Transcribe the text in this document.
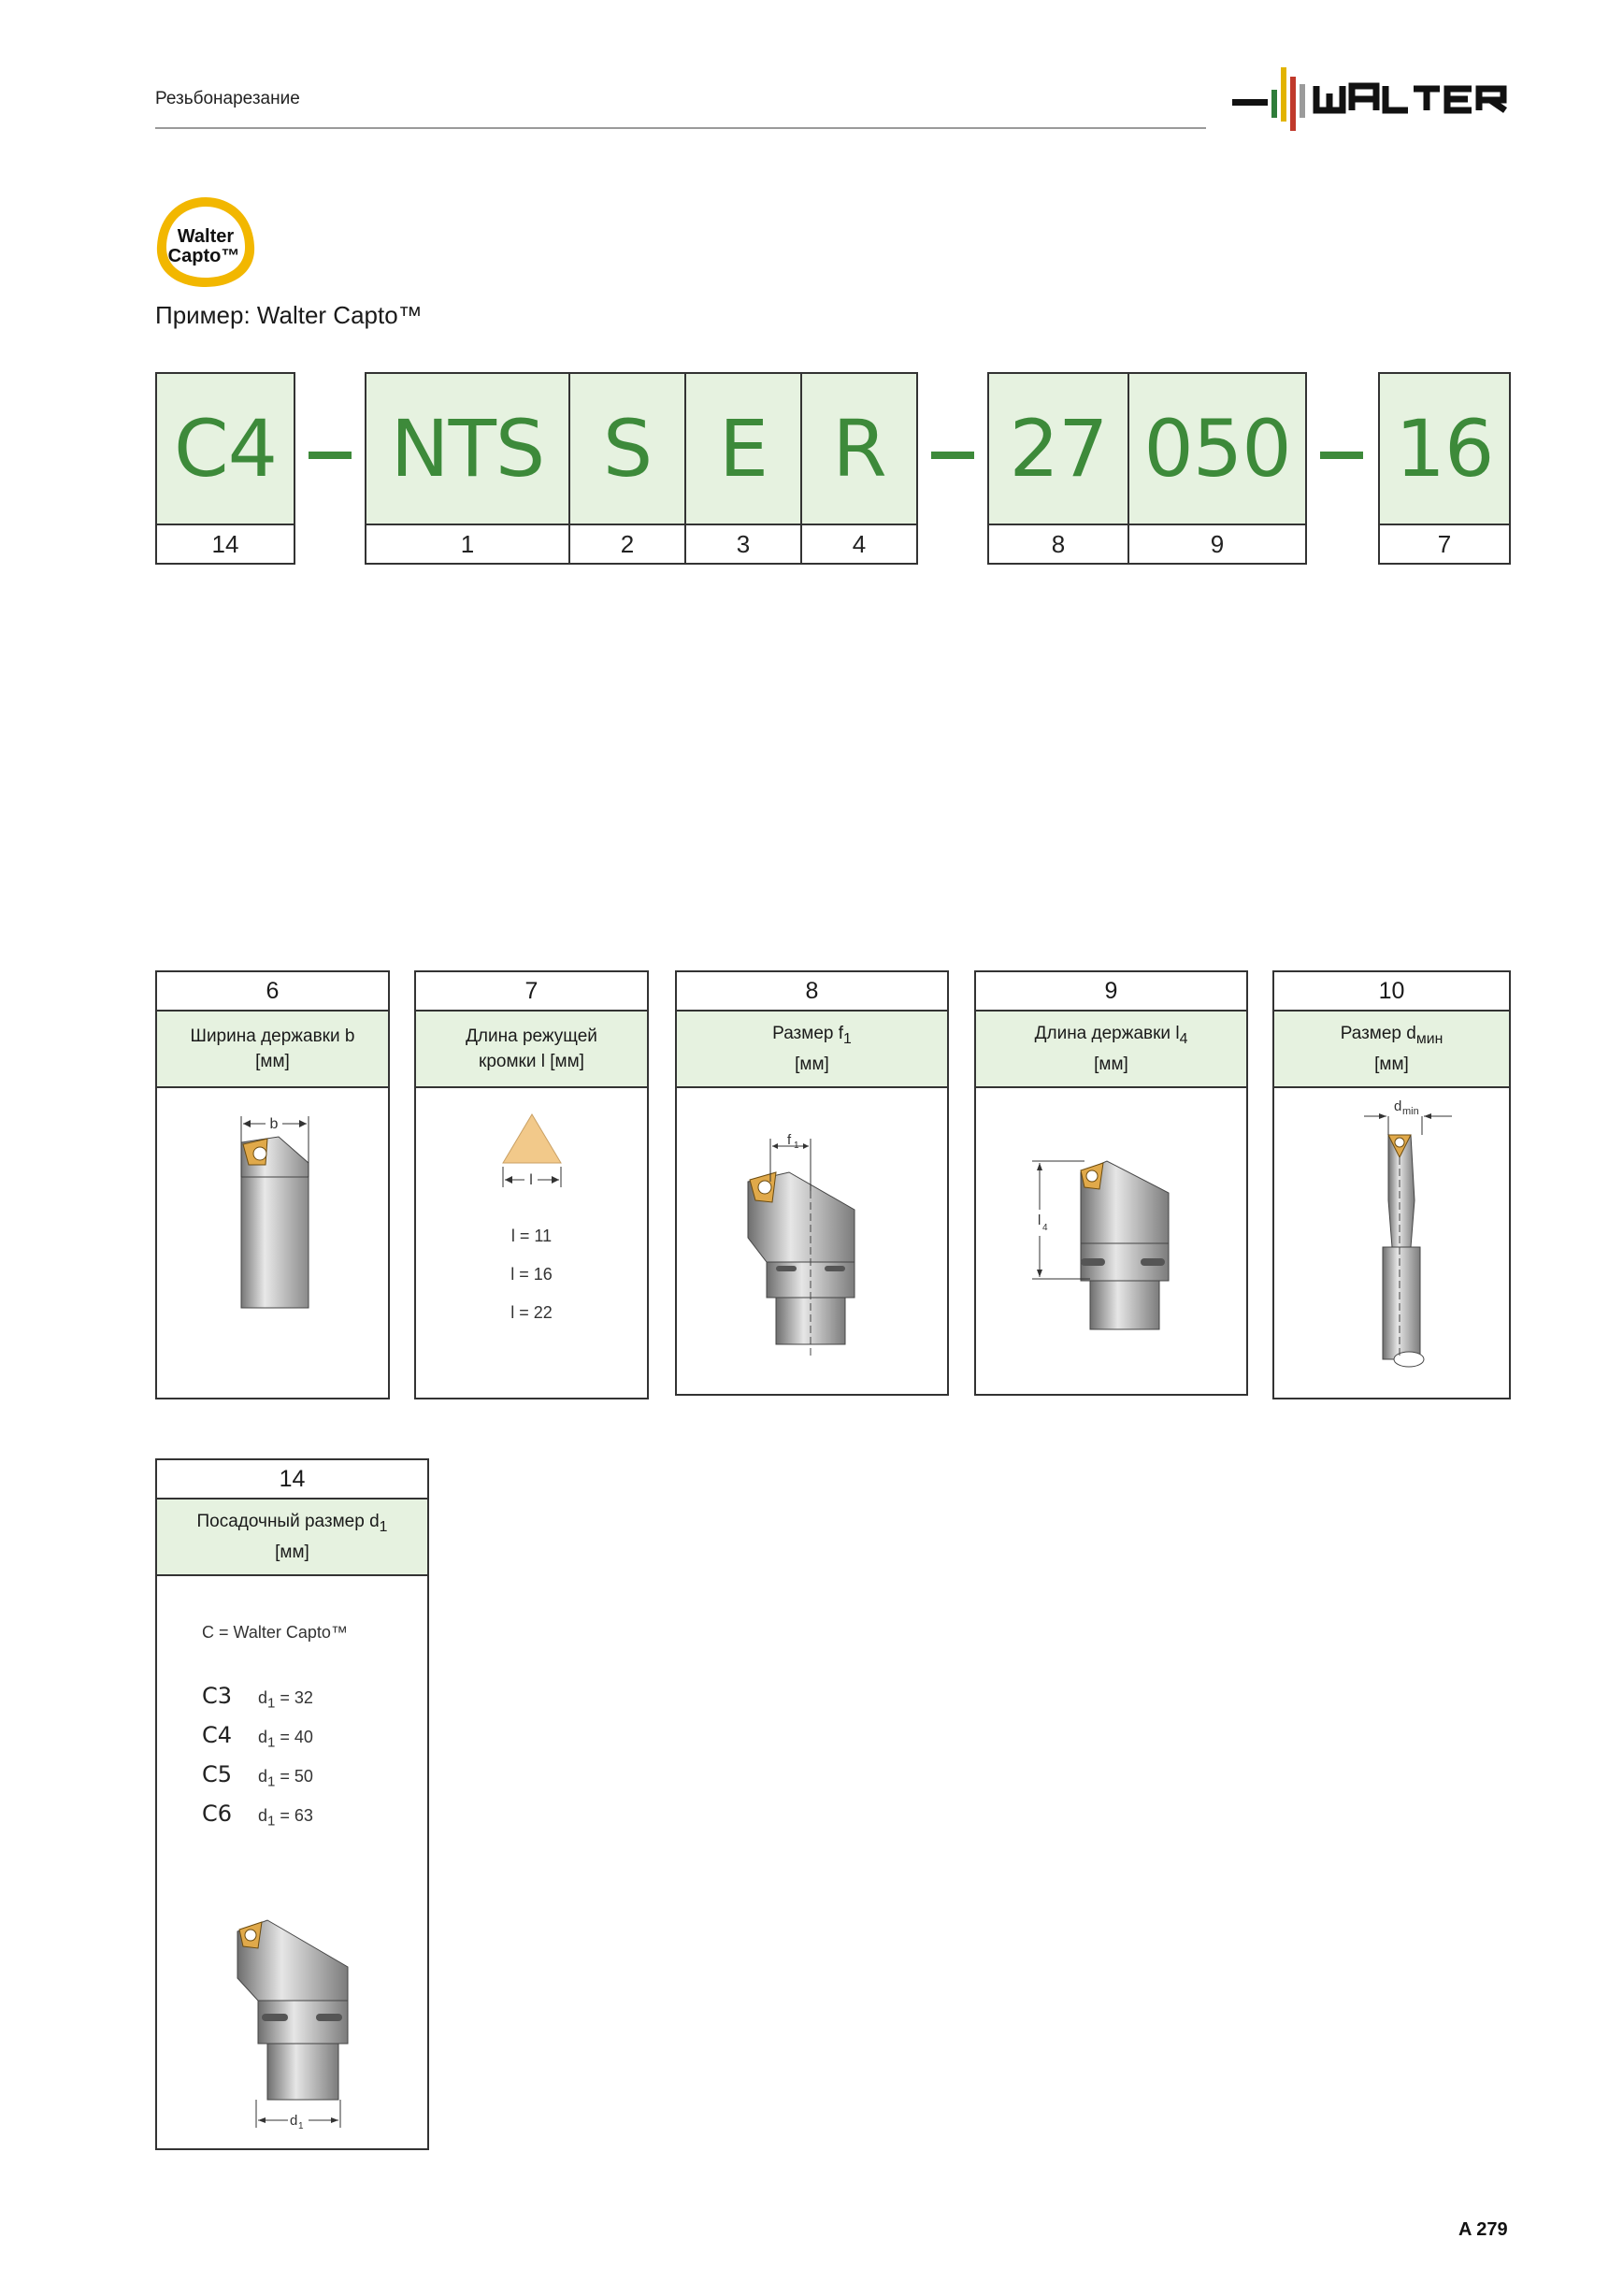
Резьбонарезание
Walter
Capto™
Пример: Walter Capto™
C4
14
NTS
1
S
2
E
3
R
4
27
8
050
9
16
7
6
Ширина державки b
[мм]
b
7
Длина режущей
кромки l [мм]
l
l = 11
l = 16
l = 22
8
Размер $f_1$
[мм]
f 1
9
Длина державки $l_4$
[мм]
l 4
10
Размер $d_{мин}$
[мм]
d min
14
Посадочный размер $d_1$
[мм]
C = Walter Capto™
C3	$d_1 = 32$
C4	$d_1 = 40$
C5	$d_1 = 50$
C6	$d_1 = 63$
d 1
A 279
